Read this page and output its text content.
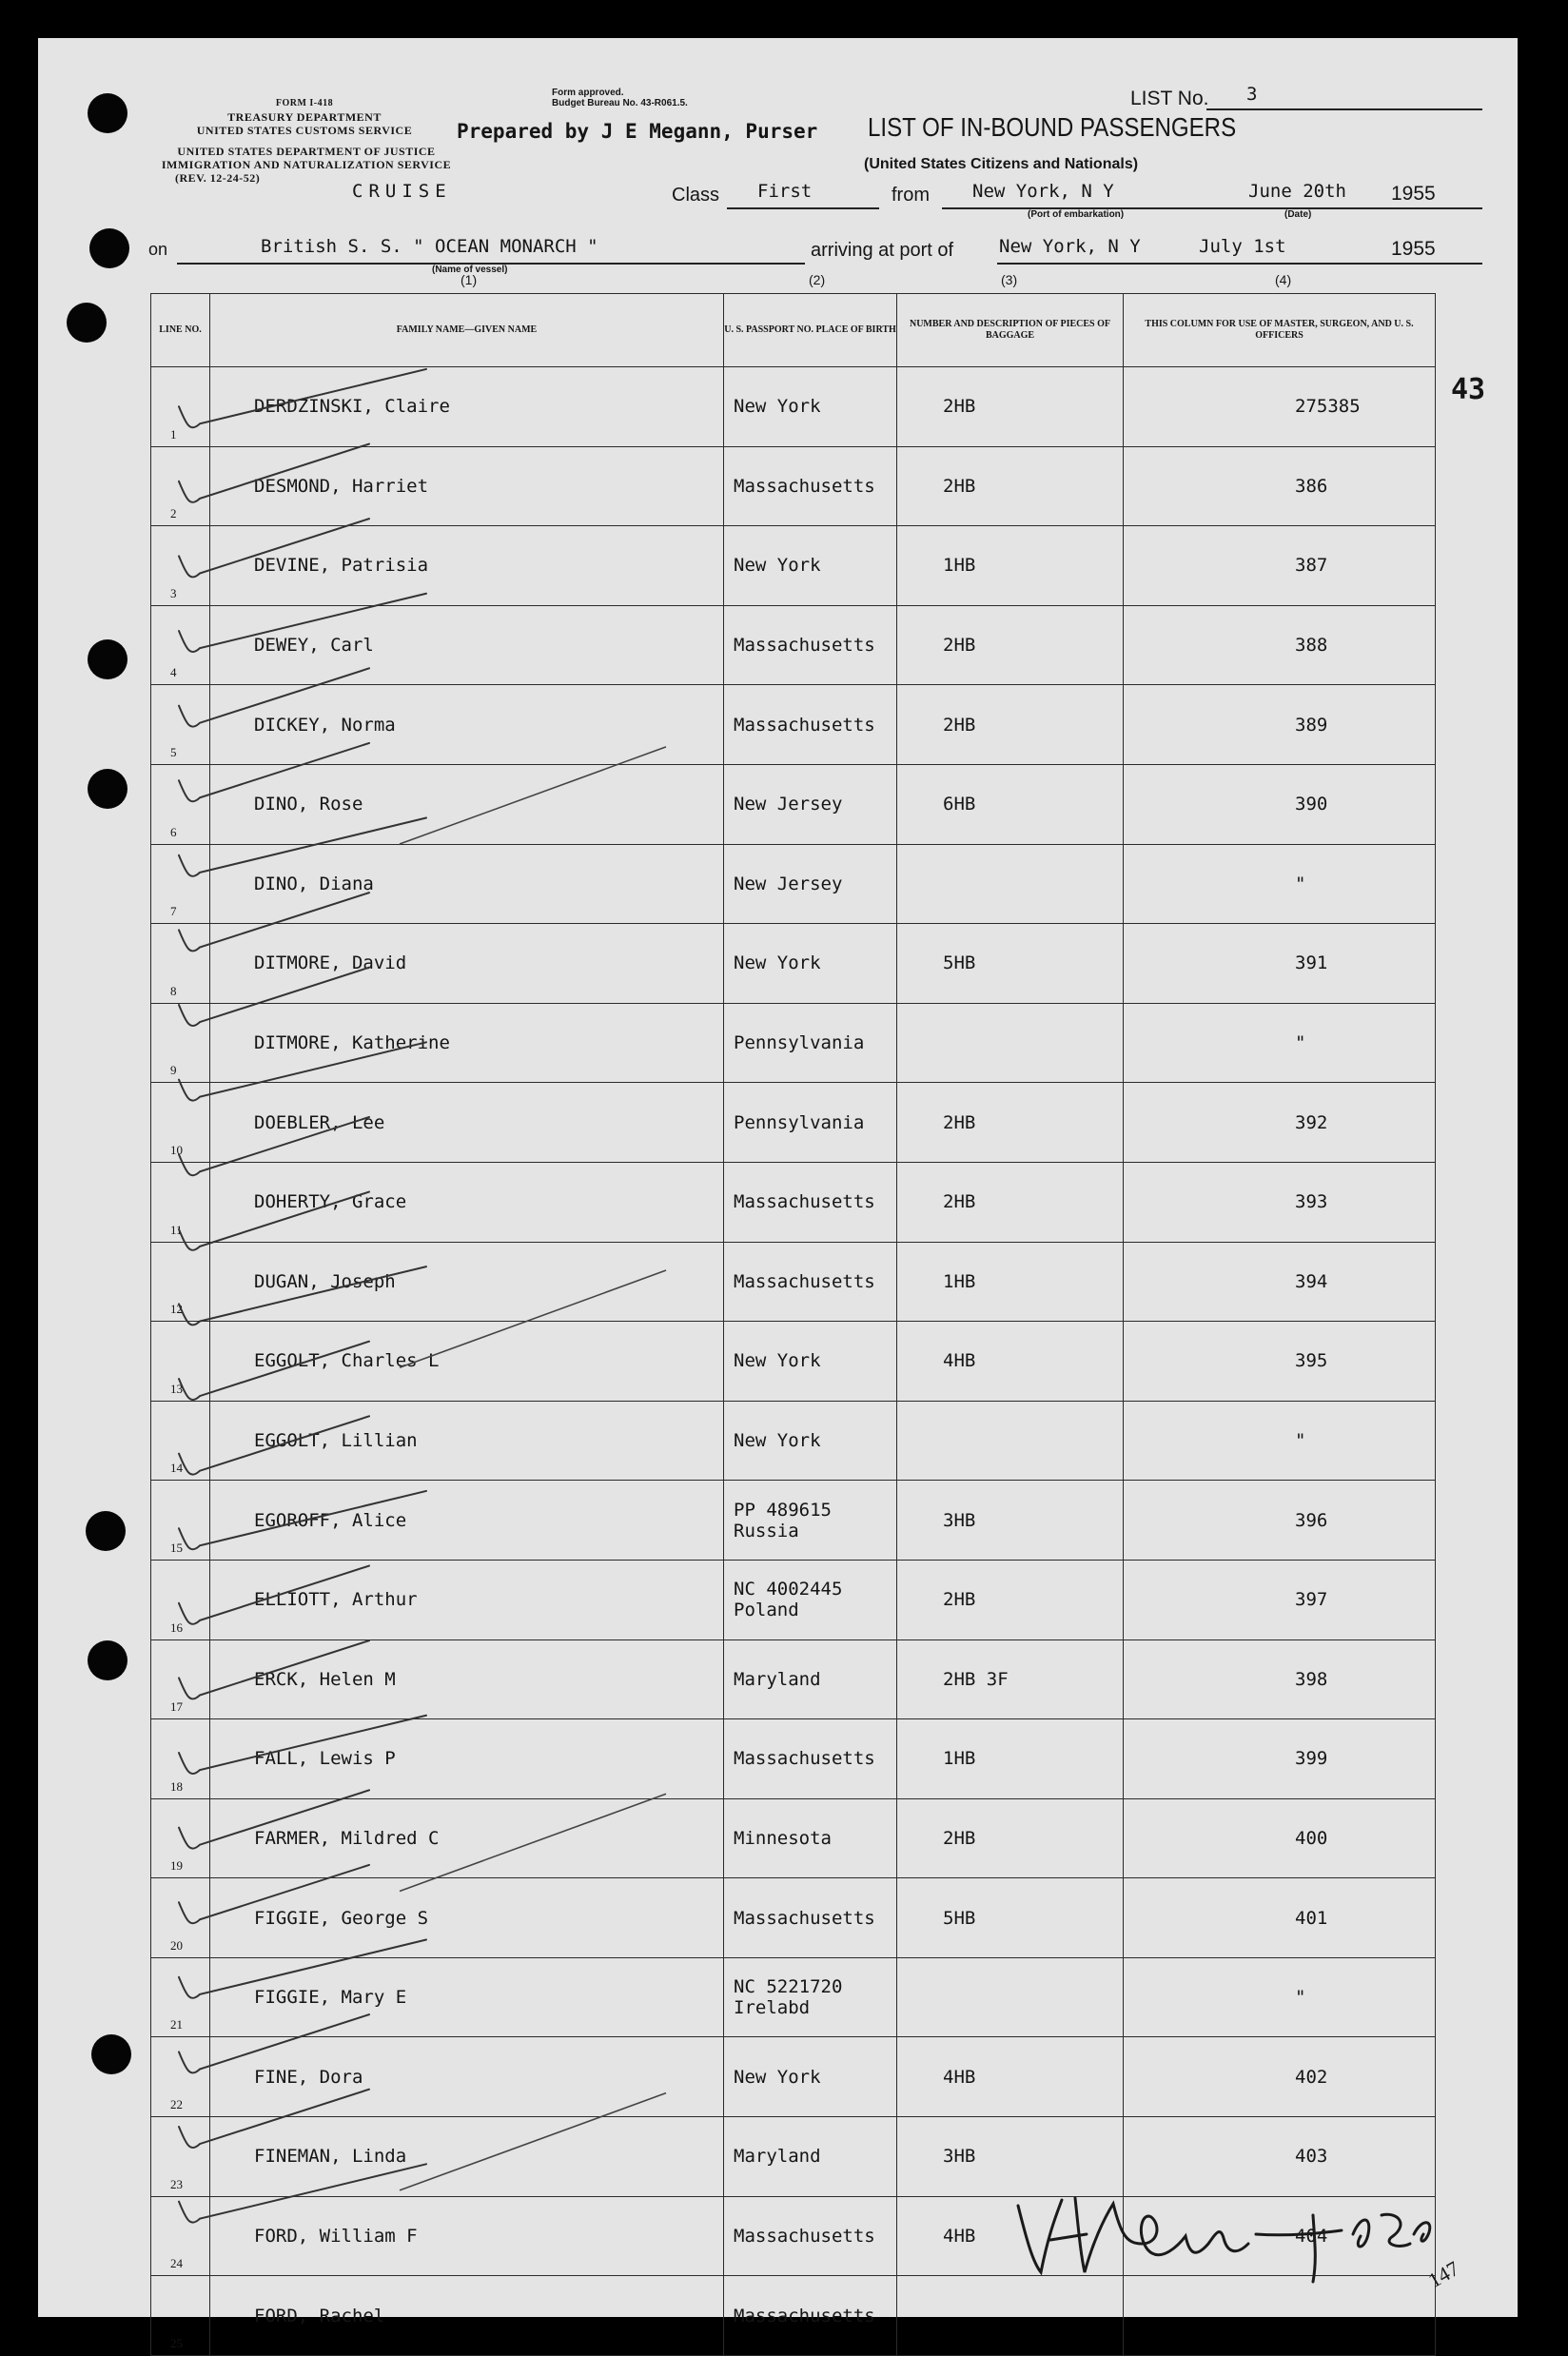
FORM I-418
TREASURY DEPARTMENT
UNITED STATES CUSTOMS SERVICE
UNITED STATES DEPARTMENT OF JUSTICE
IMMIGRATION AND NATURALIZATION SERVICE
(REV. 12-24-52)
CRUISE
Form approved.
Budget Bureau No. 43-R061.5.
Prepared by J E Megann, Purser
LIST No. 3
LIST OF IN-BOUND PASSENGERS
(United States Citizens and Nationals)
Class First	from New York, N Y
(Port of embarkation)
June 20th
(Date)
1955
on	British S. S. " OCEAN MONARCH "
(Name of vessel)
arriving at port of	New York, N Y	July 1st	1955
(1)	(2)	(3)	(4)
43
LINE NO.	FAMILY NAME—GIVEN NAME	U. S. PASSPORT NO. PLACE OF BIRTH	NUMBER AND DESCRIPTION OF PIECES OF BAGGAGE	THIS COLUMN FOR USE OF MASTER, SURGEON, AND U. S. OFFICERS
1	DERDZINSKI, Claire	New York	2HB	275385
2	DESMOND, Harriet	Massachusetts	2HB	386
3	DEVINE, Patrisia	New York	1HB	387
4	DEWEY, Carl	Massachusetts	2HB	388
5	DICKEY, Norma	Massachusetts	2HB	389
6	DINO, Rose	New Jersey	6HB	390
7	DINO, Diana	New Jersey		"
8	DITMORE, David	New York	5HB	391
9	DITMORE, Katherine	Pennsylvania		"
10	DOEBLER, Lee	Pennsylvania	2HB	392
11	DOHERTY, Grace	Massachusetts	2HB	393
12	DUGAN, Joseph	Massachusetts	1HB	394
13	EGGOLT, Charles L	New York	4HB	395
14	EGGOLT, Lillian	New York		"
15	EGOROFF, Alice	PP 489615
Russia	3HB	396
16	ELLIOTT, Arthur	NC 4002445
Poland	2HB	397
17	ERCK, Helen M	Maryland	2HB 3F	398
18	FALL, Lewis P	Massachusetts	1HB	399
19	FARMER, Mildred C	Minnesota	2HB	400
20	FIGGIE, George S	Massachusetts	5HB	401
21	FIGGIE, Mary E	NC 5221720
Irelabd		"
22	FINE, Dora	New York	4HB	402
23	FINEMAN, Linda	Maryland	3HB	403
24	FORD, William F	Massachusetts	4HB	404
25	FORD, Rachel	Massachusetts		

147
